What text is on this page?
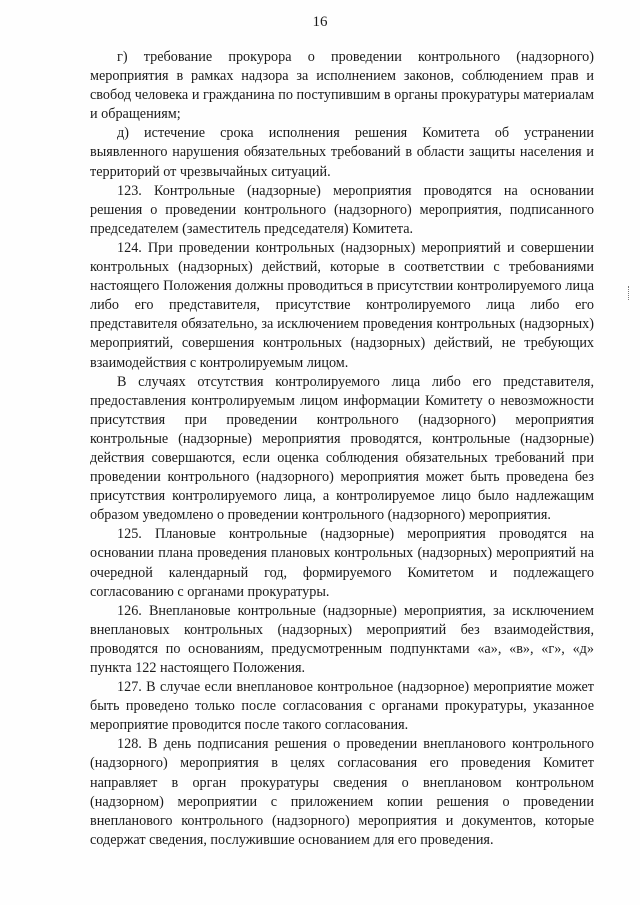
16

г) требование прокурора о проведении контрольного (надзорного) мероприятия в рамках надзора за исполнением законов, соблюдением прав и свобод человека и гражданина по поступившим в органы прокуратуры материалам и обращениям;

д) истечение срока исполнения решения Комитета об устранении выявленного нарушения обязательных требований в области защиты населения и территорий от чрезвычайных ситуаций.

123. Контрольные (надзорные) мероприятия проводятся на основании решения о проведении контрольного (надзорного) мероприятия, подписанного председателем (заместитель председателя) Комитета.

124. При проведении контрольных (надзорных) мероприятий и совершении контрольных (надзорных) действий, которые в соответствии с требованиями настоящего Положения должны проводиться в присутствии контролируемого лица либо его представителя, присутствие контролируемого лица либо его представителя обязательно, за исключением проведения контрольных (надзорных) мероприятий, совершения контрольных (надзорных) действий, не требующих взаимодействия с контролируемым лицом.

В случаях отсутствия контролируемого лица либо его представителя, предоставления контролируемым лицом информации Комитету о невозможности присутствия при проведении контрольного (надзорного) мероприятия контрольные (надзорные) мероприятия проводятся, контрольные (надзорные) действия совершаются, если оценка соблюдения обязательных требований при проведении контрольного (надзорного) мероприятия может быть проведена без присутствия контролируемого лица, а контролируемое лицо было надлежащим образом уведомлено о проведении контрольного (надзорного) мероприятия.

125. Плановые контрольные (надзорные) мероприятия проводятся на основании плана проведения плановых контрольных (надзорных) мероприятий на очередной календарный год, формируемого Комитетом и подлежащего согласованию с органами прокуратуры.

126. Внеплановые контрольные (надзорные) мероприятия, за исключением внеплановых контрольных (надзорных) мероприятий без взаимодействия, проводятся по основаниям, предусмотренным подпунктами «а», «в», «г», «д» пункта 122 настоящего Положения.

127. В случае если внеплановое контрольное (надзорное) мероприятие может быть проведено только после согласования с органами прокуратуры, указанное мероприятие проводится после такого согласования.

128. В день подписания решения о проведении внепланового контрольного (надзорного) мероприятия в целях согласования его проведения Комитет направляет в орган прокуратуры сведения о внеплановом контрольном (надзорном) мероприятии с приложением копии решения о проведении внепланового контрольного (надзорного) мероприятия и документов, которые содержат сведения, послужившие основанием для его проведения.
